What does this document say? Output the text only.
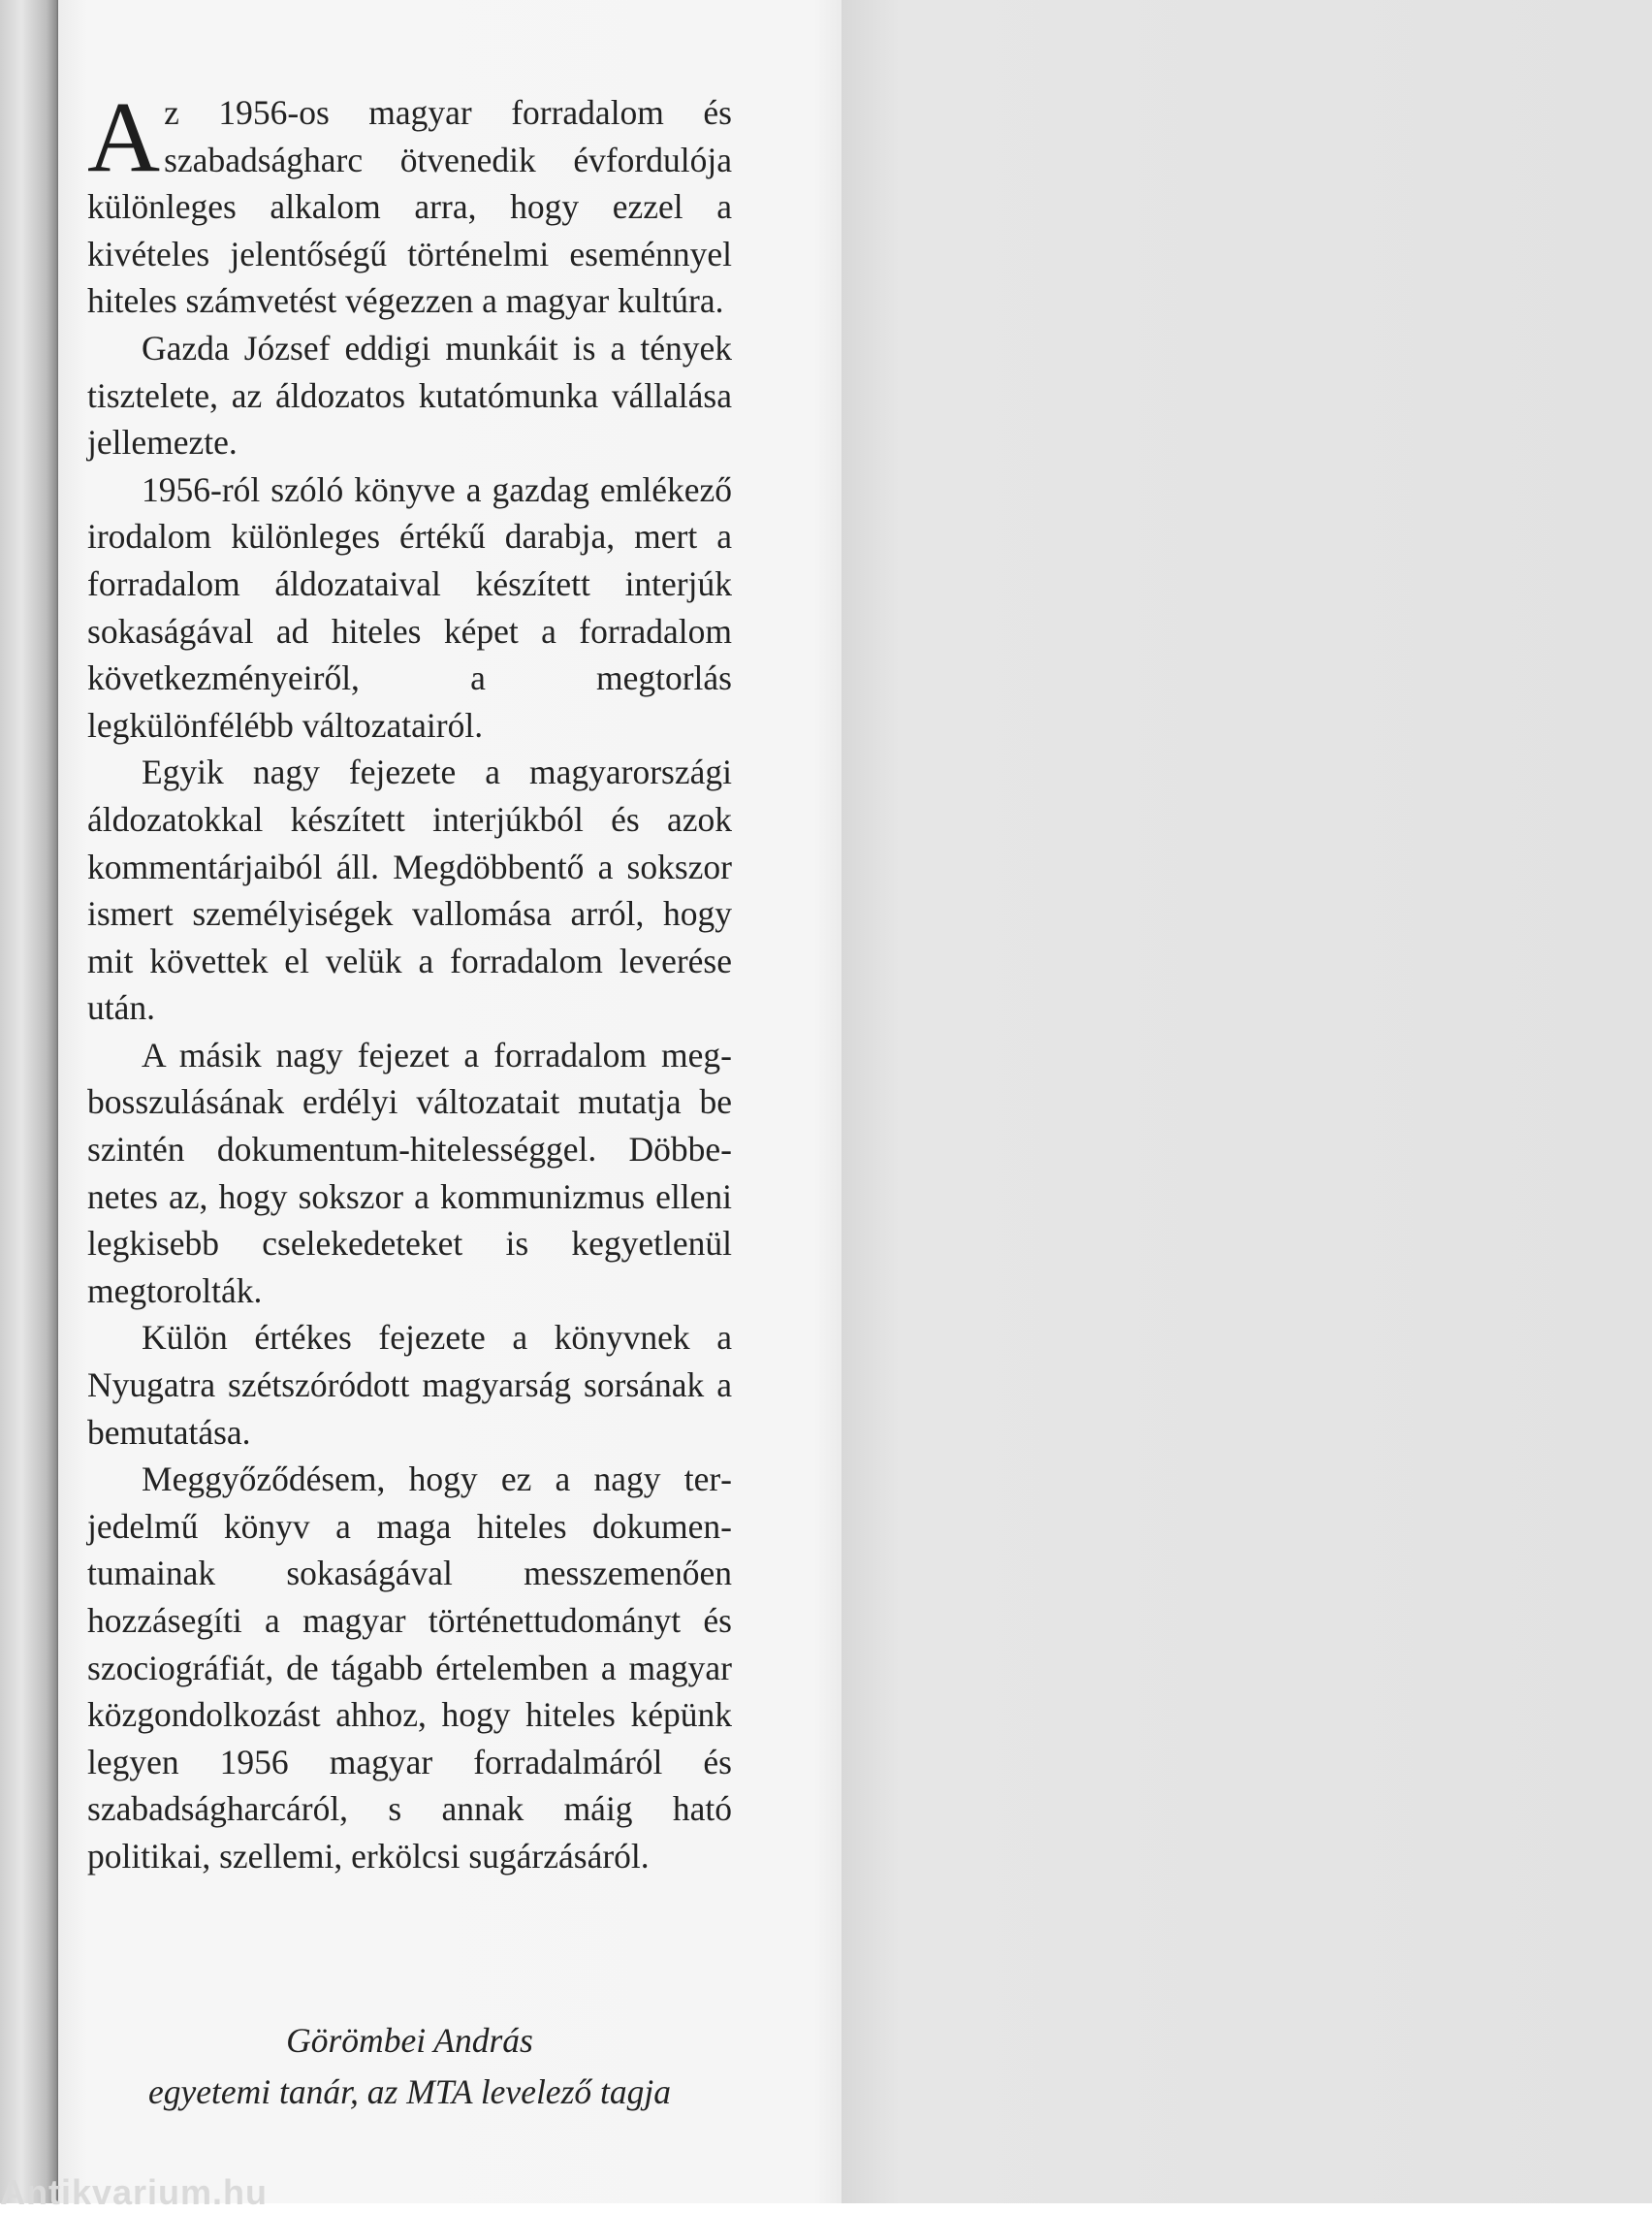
Az 1956-os magyar forradalom és szabadságharc ötvenedik évfordulója különleges alkalom arra, hogy ezzel a kivételes jelentőségű történelmi eseménnyel hiteles számvetést végezzen a magyar kultúra.

Gazda József eddigi munkáit is a tények tisztelete, az áldozatos kutatómunka vállalása jellemezte.

1956-ról szóló könyve a gazdag emlékező irodalom különleges értékű darabja, mert a forradalom áldozataival készített interjúk sokaságával ad hiteles képet a forradalom következményeiről, a megtorlás legkülönfélébb változatairól.

Egyik nagy fejezete a magyarországi áldozatokkal készített interjúkból és azok kommentárjaiból áll. Megdöbbentő a sokszor ismert személyiségek vallomása arról, hogy mit követtek el velük a forradalom leverése után.

A másik nagy fejezet a forradalom megbosszulásának erdélyi változatait mutatja be szintén dokumentum-hitelességgel. Döbbenetes az, hogy sokszor a kommunizmus elleni legkisebb cselekedeteket is kegyetlenül megtorolták.

Külön értékes fejezete a könyvnek a Nyugatra szétszóródott magyarság sorsának a bemutatása.

Meggyőződésem, hogy ez a nagy terjedelmű könyv a maga hiteles dokumentumainak sokaságával messzemenően hozzásegíti a magyar történettudományt és szociográfiát, de tágabb értelemben a magyar közgondolkozást ahhoz, hogy hiteles képünk legyen 1956 magyar forradalmáról és szabadságharcáról, s annak máig ható politikai, szellemi, erkölcsi sugárzásáról.

Görömbei András
egyetemi tanár, az MTA levelező tagja
Antikvarium.hu
